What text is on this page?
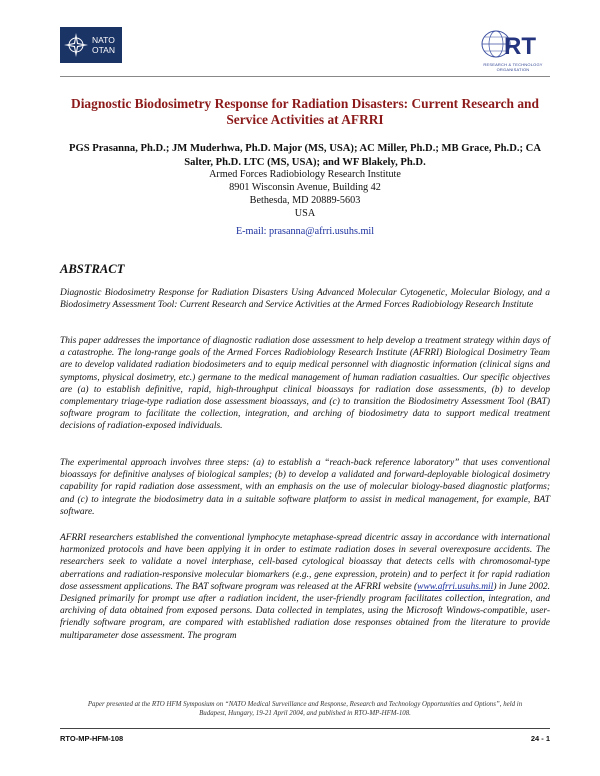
NATO
OTAN	RT
RESEARCH & TECHNOLOGY ORGANISATION
Diagnostic Biodosimetry Response for Radiation Disasters: Current Research and Service Activities at AFRRI
PGS Prasanna, Ph.D.; JM Muderhwa, Ph.D. Major (MS, USA); AC Miller, Ph.D.; MB Grace, Ph.D.; CA Salter, Ph.D. LTC (MS, USA); and WF Blakely, Ph.D.
Armed Forces Radiobiology Research Institute
8901 Wisconsin Avenue, Building 42
Bethesda, MD 20889-5603
USA
E-mail: prasanna@afrri.usuhs.mil
ABSTRACT

Diagnostic Biodosimetry Response for Radiation Disasters Using Advanced Molecular Cytogenetic, Molecular Biology, and a Biodosimetry Assessment Tool: Current Research and Service Activities at the Armed Forces Radiobiology Research Institute

This paper addresses the importance of diagnostic radiation dose assessment to help develop a treatment strategy within days of a catastrophe. The long-range goals of the Armed Forces Radiobiology Research Institute (AFRRI) Biological Dosimetry Team are to develop validated radiation biodosimeters and to equip medical personnel with diagnostic information (clinical signs and symptoms, physical dosimetry, etc.) germane to the medical management of human radiation casualties. Our specific objectives are (a) to establish definitive, rapid, high-throughput clinical bioassays for radiation dose assessments, (b) to develop complementary triage-type radiation dose assessment bioassays, and (c) to transition the Biodosimetry Assessment Tool (BAT) software program to facilitate the collection, integration, and arching of biodosimetry data to support medical treatment decisions of radiation-exposed individuals.

The experimental approach involves three steps: (a) to establish a “reach-back reference laboratory” that uses conventional bioassays for definitive analyses of biological samples; (b) to develop a validated and forward-deployable biological dosimetry capability for rapid radiation dose assessment, with an emphasis on the use of molecular biology-based diagnostic platforms; and (c) to integrate the biodosimetry data in a suitable software platform to assist in medical management, for example, BAT software.

AFRRI researchers established the conventional lymphocyte metaphase-spread dicentric assay in accordance with international harmonized protocols and have been applying it in order to estimate radiation doses in several overexposure accidents. The researchers seek to validate a novel interphase, cell-based cytological bioassay that detects cells with chromosomal-type aberrations and radiation-responsive molecular biomarkers (e.g., gene expression, protein) and to perfect it for rapid radiation dose assessment applications. The BAT software program was released at the AFRRI website (www.afrri.usuhs.mil) in June 2002. Designed primarily for prompt use after a radiation incident, the user-friendly program facilitates collection, integration, and archiving of data obtained from exposed persons. Data collected in templates, using the Microsoft Windows-compatible, user-friendly software program, are compared with established radiation dose responses obtained from the literature to provide multiparameter dose assessment. The program

Paper presented at the RTO HFM Symposium on “NATO Medical Surveillance and Response, Research and Technology Opportunities and Options”, held in Budapest, Hungary, 19-21 April 2004, and published in RTO-MP-HFM-108.
RTO-MP-HFM-108	24 - 1
